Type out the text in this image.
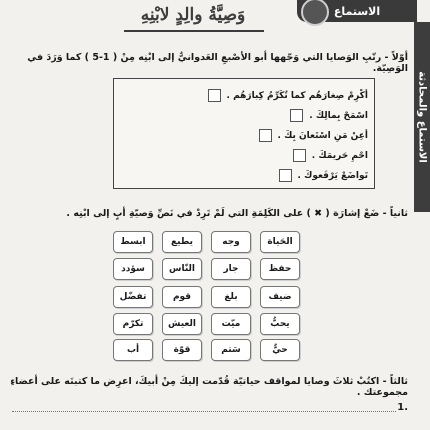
الاستماع
وَصِيَّةُ والِدٍ لابْنِهِ
الاستماع والمحادثة
أوّلاً - رتّبِ الوَصايا التي وَجّهها أبو الأصْبعِ العَدوانيُّ إلى ابْنِه مِنْ ( 1-5 ) كما وَرَدَ في الوَصِيّة.
أكْرِمْ صِغارَهُم كما تُكَرِّمُ كِبارَهُم .
اسْمَحْ بِمالِكَ .
أعِنْ مَنِ اسْتَعانَ بِكَ .
احْمِ حَريمَكَ .
تَواضَعْ يَرْفَعوكَ .
ثانياً - ضَعْ إشارَة ( ✖ ) على الكَلِمَةِ التي لَمْ تَرِدْ في نَصِّ وَصيّةِ أبٍ إلى ابْنِه .
الحَياة
وجه
يطيع
ابسط
حفظ
جار
النّاس
سؤدد
ضيف
بلغ
قوم
تفضّل
يحبُّ
ميّت
العيش
تكرّم
حيٌّ
سَتم
قوّة
أب
ثالثاً - اكتُبْ ثلاثَ وصايا لمواقف حياتيّة قُدّمت إليكَ مِنْ أبيكَ، اعرِض ما كتبتَه على أعضاءِ مجموعتك .
1.
